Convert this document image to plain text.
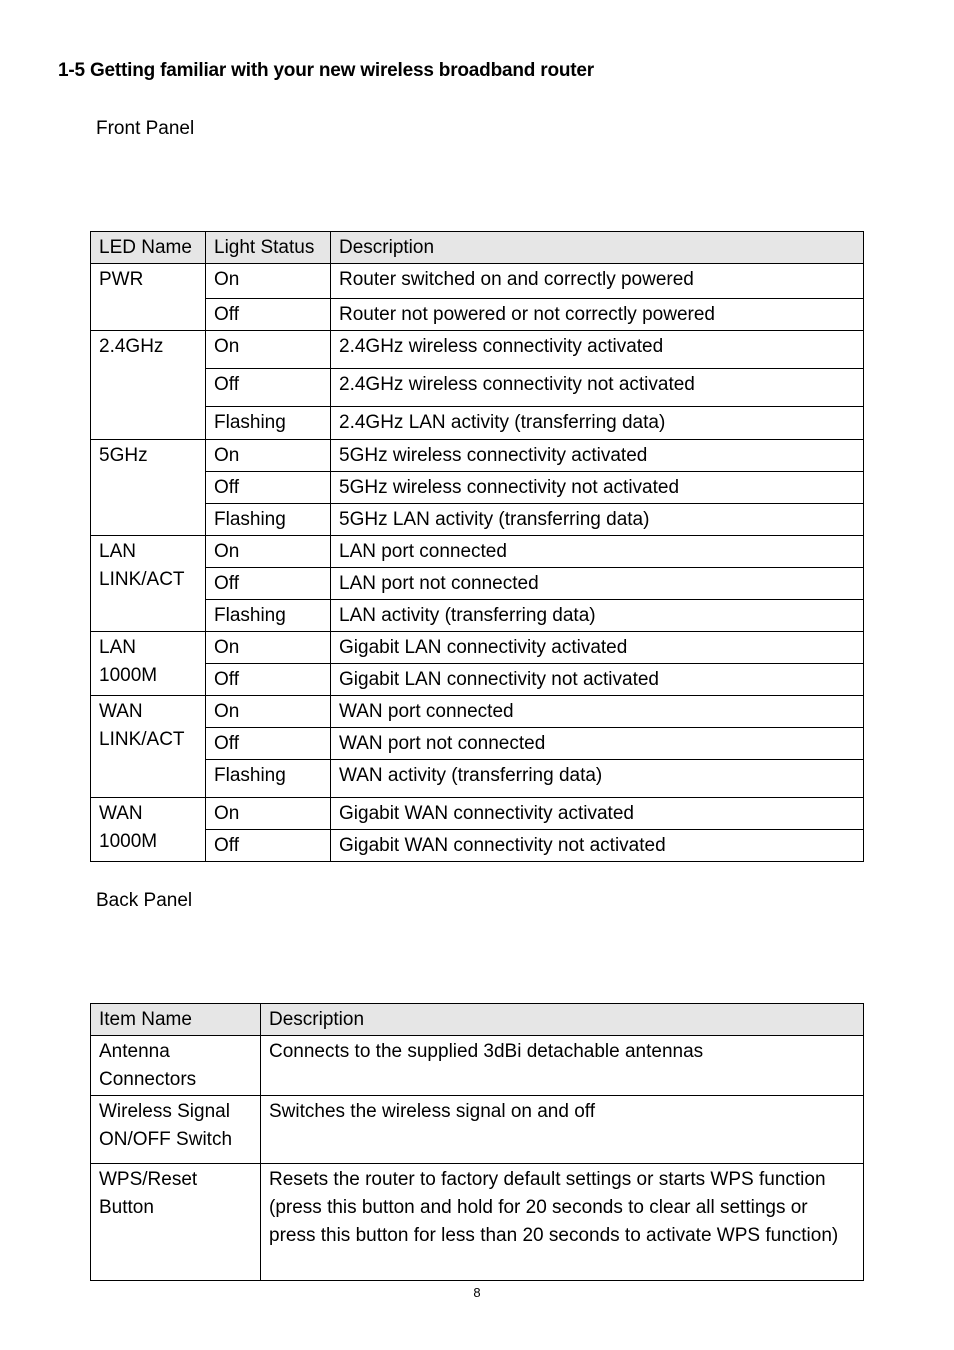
1-5 Getting familiar with your new wireless broadband router
Front Panel
LED Name	Light Status	Description
PWR	On	Router switched on and correctly powered
	Off	Router not powered or not correctly powered
2.4GHz	On	2.4GHz wireless connectivity activated
	Off	2.4GHz wireless connectivity not activated
	Flashing	2.4GHz LAN activity (transferring data)
5GHz	On	5GHz wireless connectivity activated
	Off	5GHz wireless connectivity not activated
	Flashing	5GHz LAN activity (transferring data)
LAN LINK/ACT	On	LAN port connected
	Off	LAN port not connected
	Flashing	LAN activity (transferring data)
LAN 1000M	On	Gigabit LAN connectivity activated
	Off	Gigabit LAN connectivity not activated
WAN LINK/ACT	On	WAN port connected
	Off	WAN port not connected
	Flashing	WAN activity (transferring data)
WAN 1000M	On	Gigabit WAN connectivity activated
	Off	Gigabit WAN connectivity not activated
Back Panel
Item Name	Description
Antenna Connectors	Connects to the supplied 3dBi detachable antennas
Wireless Signal ON/OFF Switch	Switches the wireless signal on and off
WPS/Reset Button	Resets the router to factory default settings or starts WPS function (press this button and hold for 20 seconds to clear all settings or press this button for less than 20 seconds to activate WPS function)
8
